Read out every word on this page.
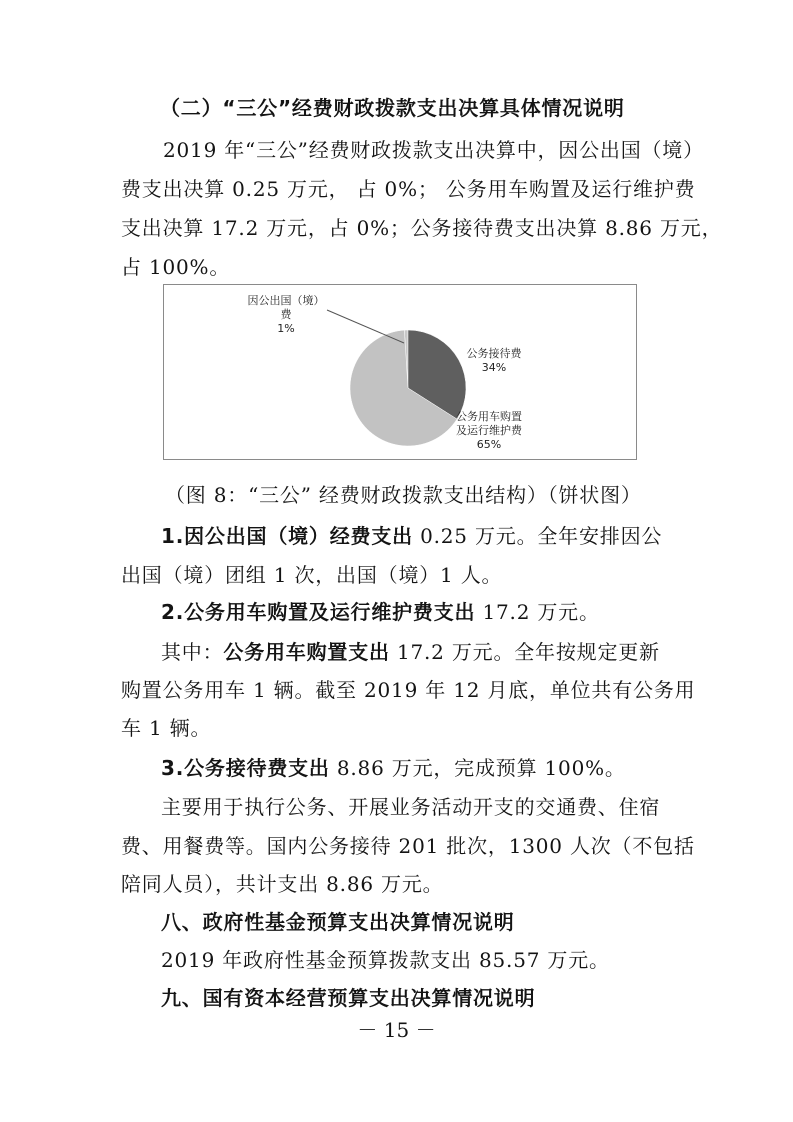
（二）“三公”经费财政拨款支出决算具体情况说明
2019 年“三公”经费财政拨款支出决算中，因公出国（境）
费支出决算 0.25 万元， 占 0%； 公务用车购置及运行维护费
支出决算 17.2 万元，占 0%；公务接待费支出决算 8.86 万元，
占 100%。
因公出国（境）
费
1%
公务接待费
34%
公务用车购置
及运行维护费
65%
（图 8：“三公” 经费财政拨款支出结构）（饼状图）
1.因公出国（境）经费支出 0.25 万元。全年安排因公
出国（境）团组 1 次，出国（境）1 人。
2.公务用车购置及运行维护费支出 17.2 万元。
其中：公务用车购置支出 17.2 万元。全年按规定更新
购置公务用车 1 辆。截至 2019 年 12 月底，单位共有公务用
车 1 辆。
3.公务接待费支出 8.86 万元，完成预算 100%。
主要用于执行公务、开展业务活动开支的交通费、住宿
费、用餐费等。国内公务接待 201 批次，1300 人次（不包括
陪同人员），共计支出 8.86 万元。
八、政府性基金预算支出决算情况说明
2019 年政府性基金预算拨款支出 85.57 万元。
九、国有资本经营预算支出决算情况说明
－ 15 －
